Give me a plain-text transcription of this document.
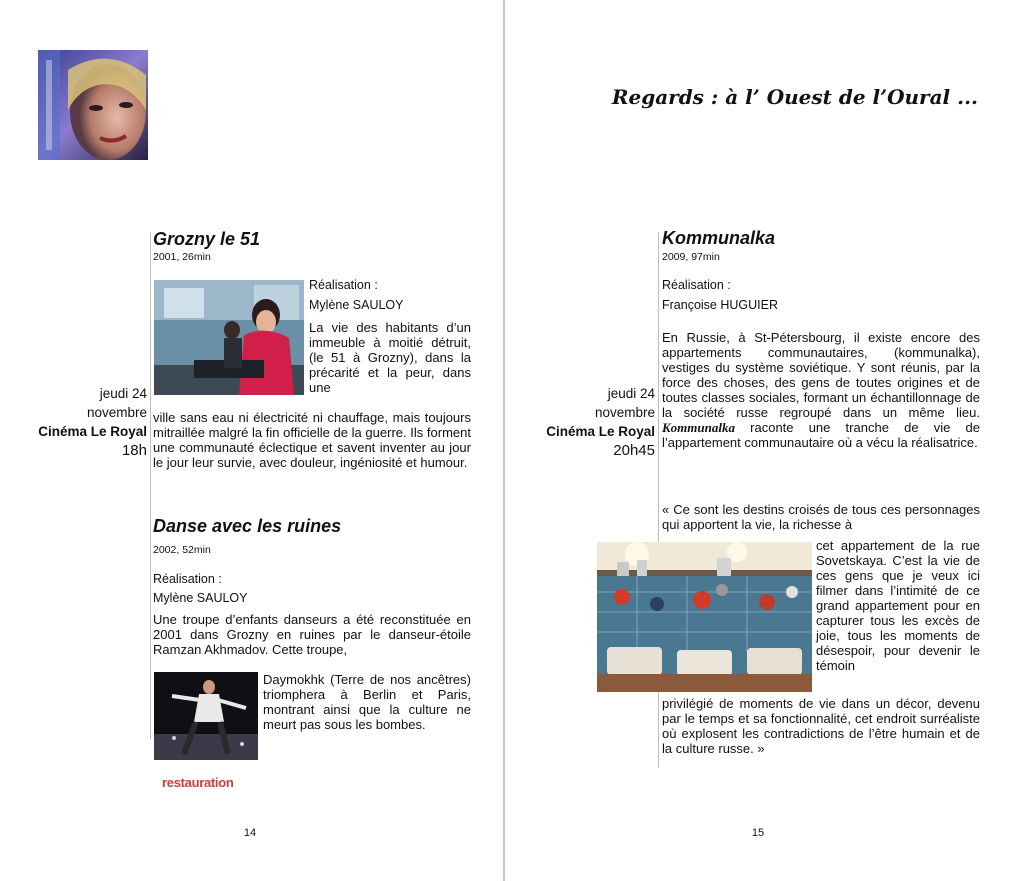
Grozny le 51
2001, 26min
Réalisation :
Mylène SAULOY
La vie des habitants d’un immeuble à moitié détruit, (le 51 à Grozny), dans la précarité et la peur, dans une
ville sans eau ni électricité ni chauffage, mais toujours mitraillée malgré la fin officielle de la guerre. Ils forment une communauté éclectique et savent inventer au jour le jour leur survie, avec douleur, ingéniosité et humour.
jeudi 24
novembre
Cinéma Le Royal
18h
Danse avec les ruines
2002, 52min
Réalisation :
Mylène SAULOY
Une troupe d’enfants danseurs a été reconstituée en 2001 dans Grozny en ruines par le danseur-étoile Ramzan Akhmadov. Cette troupe,
Daymokhk (Terre de nos ancêtres) triomphera à Berlin et Paris, montrant ainsi que la culture ne meurt pas sous les bombes.
restauration
14
Regards : à l’ Ouest de l’Oural ...
Kommunalka
2009, 97min
Réalisation :
Françoise HUGUIER
En Russie, à St-Pétersbourg, il existe encore des appartements communautaires, (kommunalka), vestiges du système soviétique. Y sont réunis, par la force des choses, des gens de toutes origines et de toutes classes sociales, formant un échantillonnage de la société russe regroupé dans un même lieu. Kommunalka raconte une tranche de vie de l’appartement communautaire où a vécu la réalisatrice.
« Ce sont les destins croisés de tous ces personnages qui apportent la vie, la richesse à
cet appartement de la rue Sovetskaya. C’est la vie de ces gens que je veux ici filmer dans l’intimité de ce grand appartement pour en capturer tous les excès de joie, tous les moments de désespoir, pour devenir le témoin
privilégié de moments de vie dans un décor, devenu par le temps et sa fonctionnalité, cet endroit surréaliste où explosent les contradictions de l’être humain et de la culture russe. »
jeudi 24
novembre
Cinéma Le Royal
20h45
15
